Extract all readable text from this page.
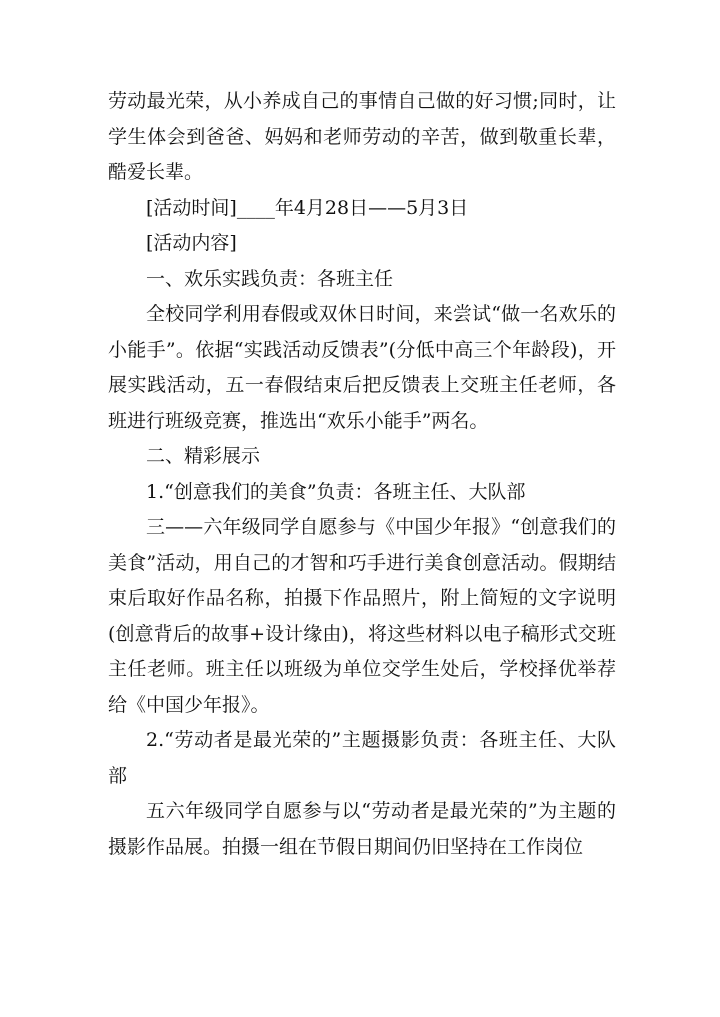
劳动最光荣，从小养成自己的事情自己做的好习惯;同时，让学生体会到爸爸、妈妈和老师劳动的辛苦，做到敬重长辈，酷爱长辈。

[活动时间]____年4月28日——5月3日

[活动内容]

一、欢乐实践负责：各班主任

全校同学利用春假或双休日时间，来尝试“做一名欢乐的小能手”。依据“实践活动反馈表”(分低中高三个年龄段)，开展实践活动，五一春假结束后把反馈表上交班主任老师，各班进行班级竞赛，推选出“欢乐小能手”两名。

二、精彩展示

1.“创意我们的美食”负责：各班主任、大队部

三——六年级同学自愿参与《中国少年报》“创意我们的美食”活动，用自己的才智和巧手进行美食创意活动。假期结束后取好作品名称，拍摄下作品照片，附上简短的文字说明(创意背后的故事+设计缘由)，将这些材料以电子稿形式交班主任老师。班主任以班级为单位交学生处后，学校择优举荐给《中国少年报》。

2.“劳动者是最光荣的”主题摄影负责：各班主任、大队部

五六年级同学自愿参与以“劳动者是最光荣的”为主题的摄影作品展。拍摄一组在节假日期间仍旧坚持在工作岗位
